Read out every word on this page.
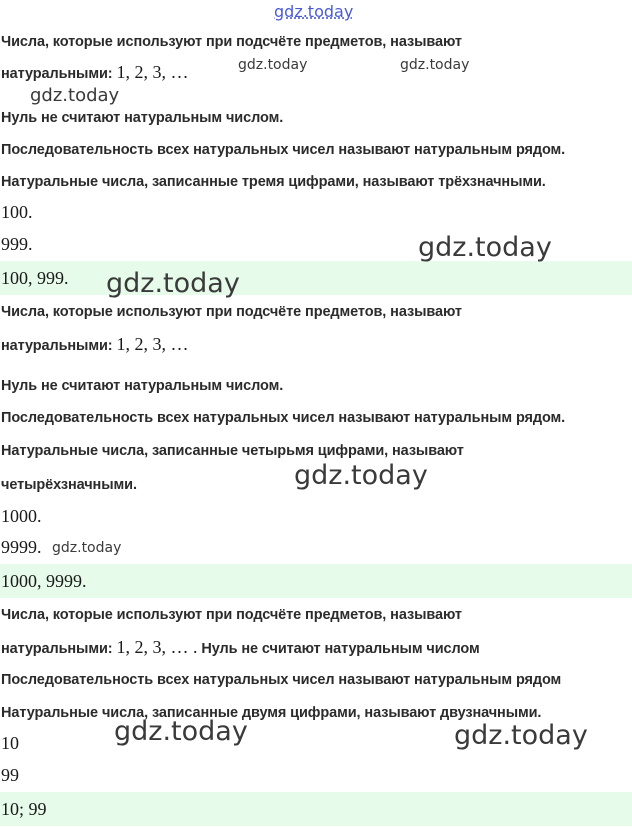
Числа, которые используют при подсчёте предметов, называют
натуральными: 1, 2, 3, …
Нуль не считают натуральным числом.
Последовательность всех натуральных чисел называют натуральным рядом.
Натуральные числа, записанные тремя цифрами, называют трёхзначными.
100.
999.
100, 999.
Числа, которые используют при подсчёте предметов, называют
натуральными: 1, 2, 3, …
Нуль не считают натуральным числом.
Последовательность всех натуральных чисел называют натуральным рядом.
Натуральные числа, записанные четырьмя цифрами, называют
четырёхзначными.
1000.
9999.
1000, 9999.
Числа, которые используют при подсчёте предметов, называют
натуральными: 1, 2, 3, … . Нуль не считают натуральным числом
Последовательность всех натуральных чисел называют натуральным рядом
Натуральные числа, записанные двумя цифрами, называют двузначными.
10
99
10; 99
gdz.today
gdz.today	gdz.today
gdz.today
gdz.today
gdz.today
gdz.today
gdz.today
gdz.today	gdz.today
